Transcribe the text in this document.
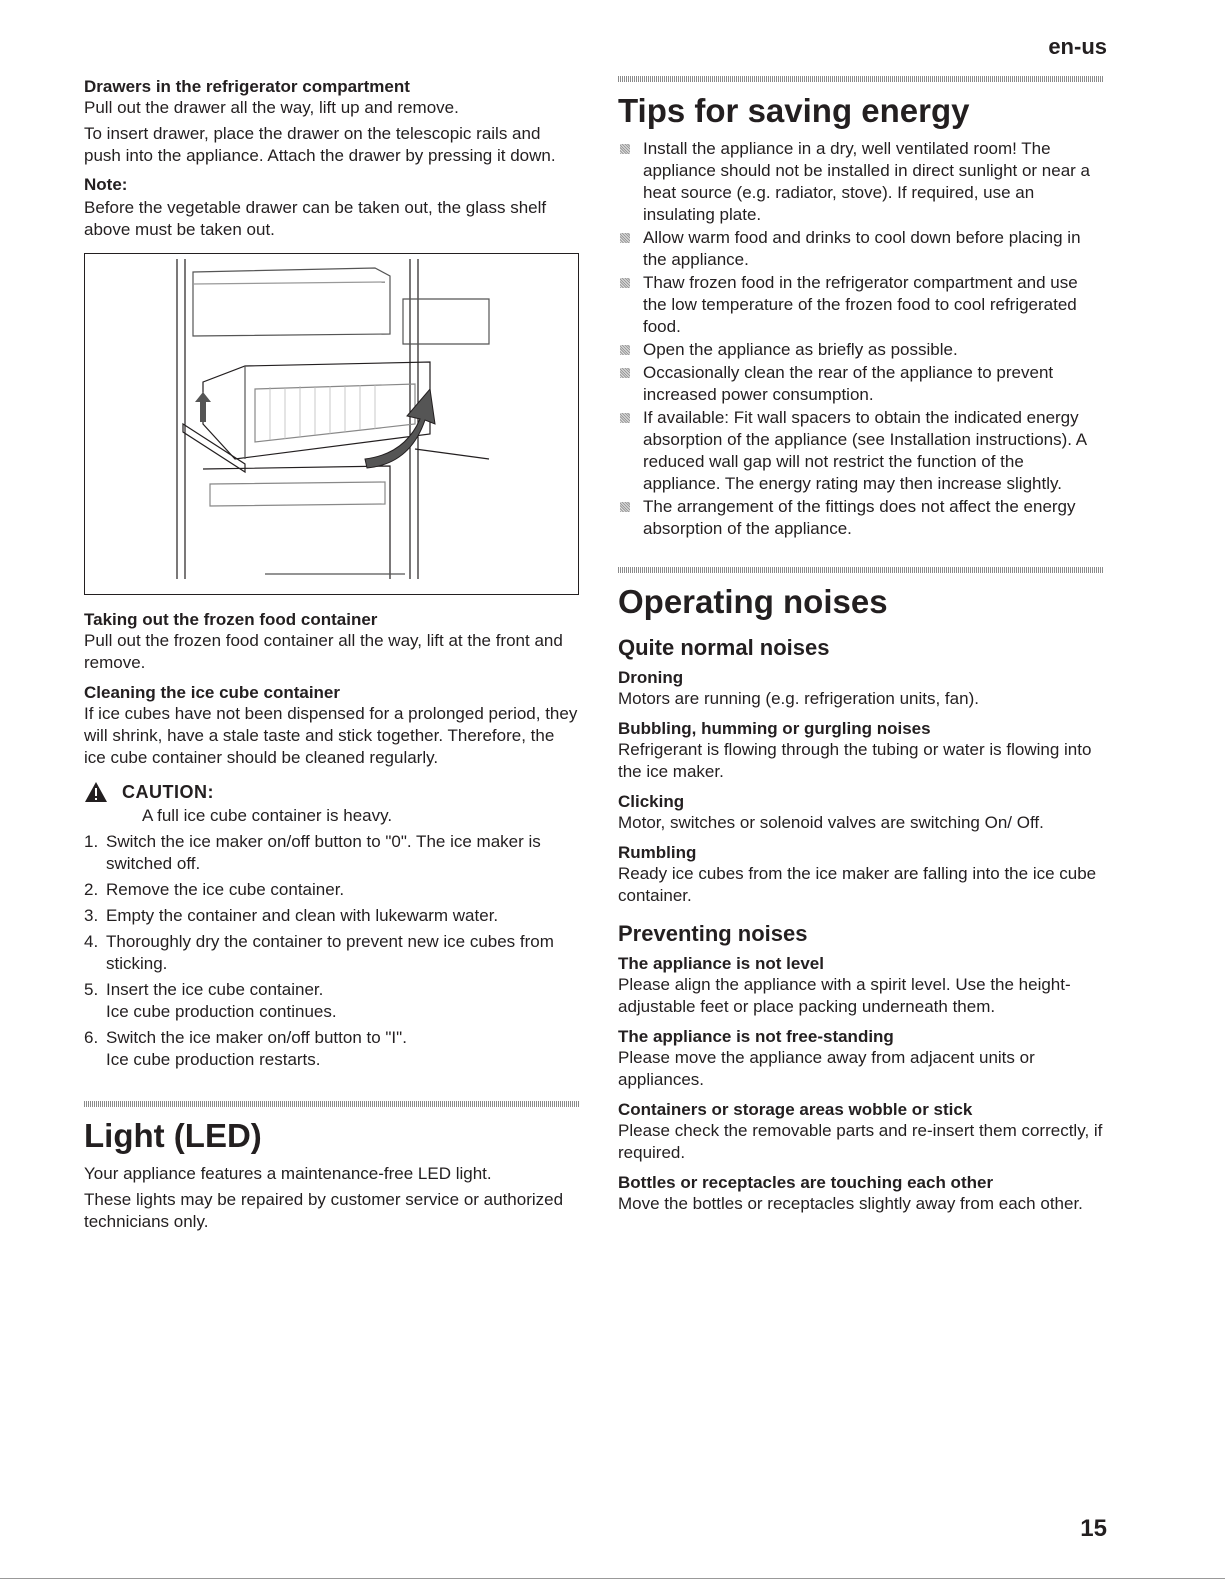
en-us
Drawers in the refrigerator compartment

Pull out the drawer all the way, lift up and remove.

To insert drawer, place the drawer on the telescopic rails and push into the appliance. Attach the drawer by pressing it down.

Note:

Before the vegetable drawer can be taken out, the glass shelf above must be taken out.

Taking out the frozen food container

Pull out the frozen food container all the way, lift at the front and remove.

Cleaning the ice cube container

If ice cubes have not been dispensed for a prolonged period, they will shrink, have a stale taste and stick together. Therefore, the ice cube container should be cleaned regularly.

CAUTION:

A full ice cube container is heavy.

1. Switch the ice maker on/off button to "0". The ice maker is switched off.
2. Remove the ice cube container.
3. Empty the container and clean with lukewarm water.
4. Thoroughly dry the container to prevent new ice cubes from sticking.
5. Insert the ice cube container.
Ice cube production continues.
6. Switch the ice maker on/off button to "I".
Ice cube production restarts.
Light (LED)

Your appliance features a maintenance-free LED light.

These lights may be repaired by customer service or authorized technicians only.

Tips for saving energy
Install the appliance in a dry, well ventilated room! The appliance should not be installed in direct sunlight or near a heat source (e.g. radiator, stove). If required, use an insulating plate.
Allow warm food and drinks to cool down before placing in the appliance.
Thaw frozen food in the refrigerator compartment and use the low temperature of the frozen food to cool refrigerated food.
Open the appliance as briefly as possible.
Occasionally clean the rear of the appliance to prevent increased power consumption.
If available: Fit wall spacers to obtain the indicated energy absorption of the appliance (see Installation instructions). A reduced wall gap will not restrict the function of the appliance. The energy rating may then increase slightly.
The arrangement of the fittings does not affect the energy absorption of the appliance.
Operating noises
Quite normal noises
Droning

Motors are running (e.g. refrigeration units, fan).

Bubbling, humming or gurgling noises

Refrigerant is flowing through the tubing or water is flowing into the ice maker.

Clicking

Motor, switches or solenoid valves are switching On/ Off.

Rumbling

Ready ice cubes from the ice maker are falling into the ice cube container.

Preventing noises
The appliance is not level

Please align the appliance with a spirit level. Use the height-adjustable feet or place packing underneath them.

The appliance is not free-standing

Please move the appliance away from adjacent units or appliances.

Containers or storage areas wobble or stick

Please check the removable parts and re-insert them correctly, if required.

Bottles or receptacles are touching each other

Move the bottles or receptacles slightly away from each other.

15
